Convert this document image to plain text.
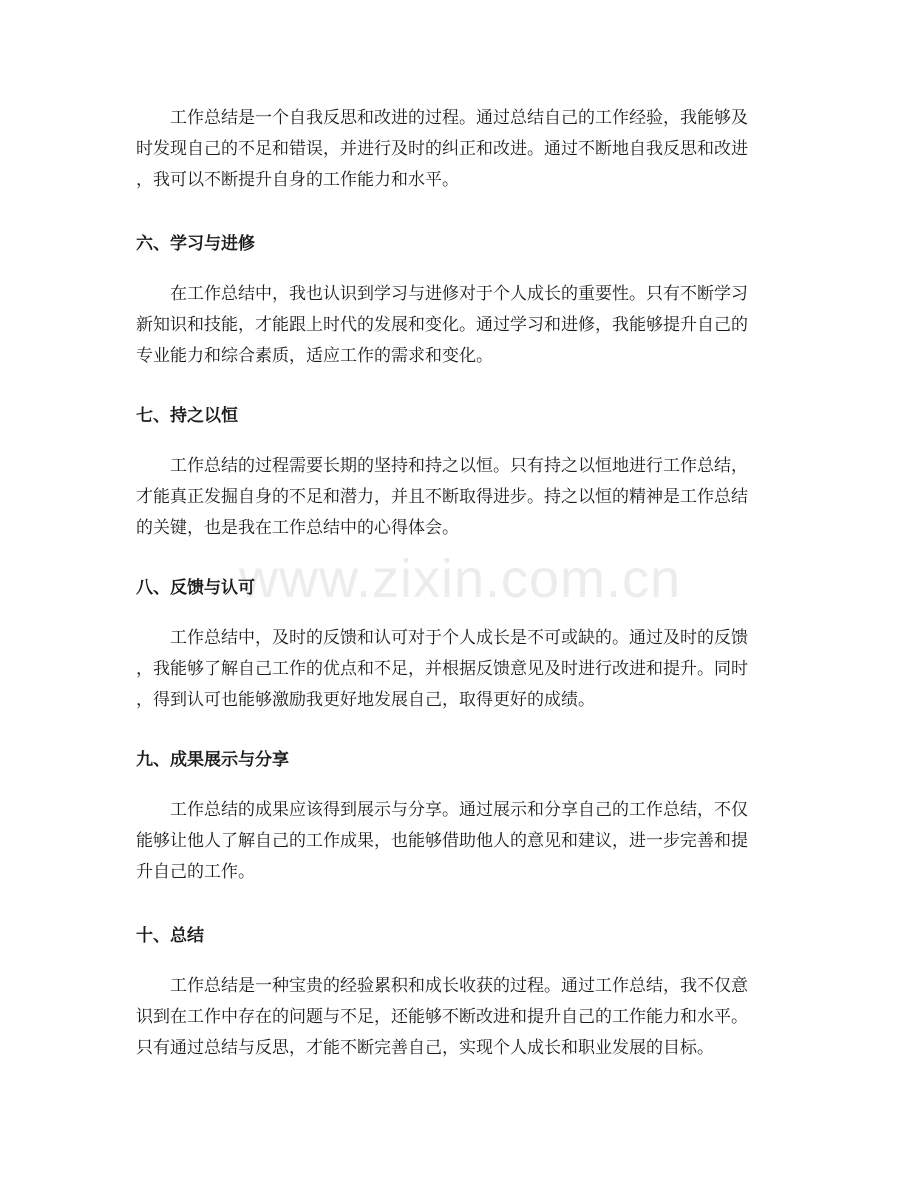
www.zixin.com.cn

工作总结是一个自我反思和改进的过程。通过总结自己的工作经验，我能够及
时发现自己的不足和错误，并进行及时的纠正和改进。通过不断地自我反思和改进
，我可以不断提升自身的工作能力和水平。

六、学习与进修

在工作总结中，我也认识到学习与进修对于个人成长的重要性。只有不断学习
新知识和技能，才能跟上时代的发展和变化。通过学习和进修，我能够提升自己的
专业能力和综合素质，适应工作的需求和变化。

七、持之以恒

工作总结的过程需要长期的坚持和持之以恒。只有持之以恒地进行工作总结，
才能真正发掘自身的不足和潜力，并且不断取得进步。持之以恒的精神是工作总结
的关键，也是我在工作总结中的心得体会。

八、反馈与认可

工作总结中，及时的反馈和认可对于个人成长是不可或缺的。通过及时的反馈
，我能够了解自己工作的优点和不足，并根据反馈意见及时进行改进和提升。同时
，得到认可也能够激励我更好地发展自己，取得更好的成绩。

九、成果展示与分享

工作总结的成果应该得到展示与分享。通过展示和分享自己的工作总结，不仅
能够让他人了解自己的工作成果，也能够借助他人的意见和建议，进一步完善和提
升自己的工作。

十、总结

工作总结是一种宝贵的经验累积和成长收获的过程。通过工作总结，我不仅意
识到在工作中存在的问题与不足，还能够不断改进和提升自己的工作能力和水平。
只有通过总结与反思，才能不断完善自己，实现个人成长和职业发展的目标。
